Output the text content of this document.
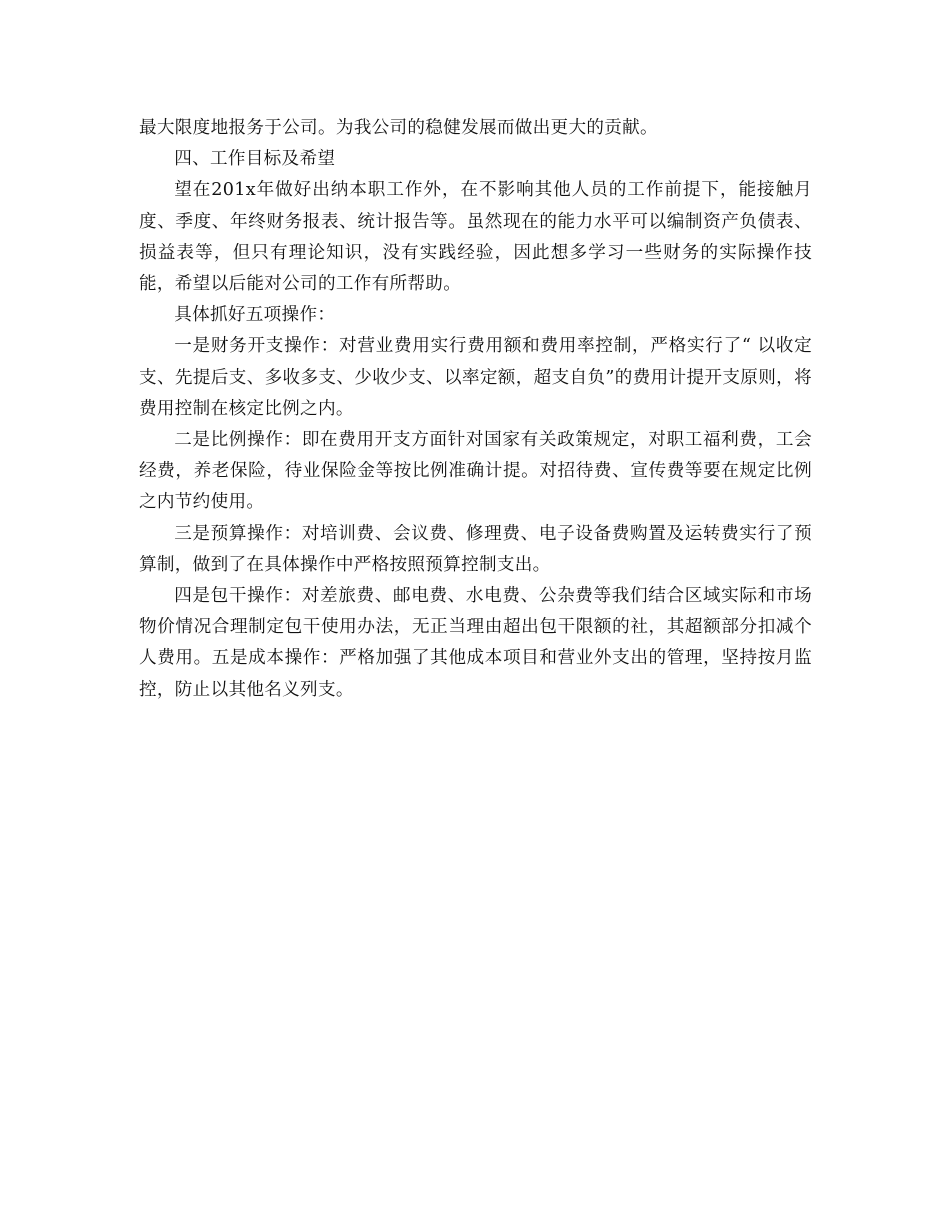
最大限度地报务于公司。为我公司的稳健发展而做出更大的贡献。

四、工作目标及希望

望在201x年做好出纳本职工作外，在不影响其他人员的工作前提下，能接触月度、季度、年终财务报表、统计报告等。虽然现在的能力水平可以编制资产负债表、损益表等，但只有理论知识，没有实践经验，因此想多学习一些财务的实际操作技能，希望以后能对公司的工作有所帮助。

具体抓好五项操作：

一是财务开支操作：对营业费用实行费用额和费用率控制，严格实行了“ 以收定支、先提后支、多收多支、少收少支、以率定额，超支自负”的费用计提开支原则，将费用控制在核定比例之内。

二是比例操作：即在费用开支方面针对国家有关政策规定，对职工福利费，工会经费，养老保险，待业保险金等按比例准确计提。对招待费、宣传费等要在规定比例之内节约使用。

三是预算操作：对培训费、会议费、修理费、电子设备费购置及运转费实行了预算制，做到了在具体操作中严格按照预算控制支出。

四是包干操作：对差旅费、邮电费、水电费、公杂费等我们结合区域实际和市场物价情况合理制定包干使用办法，无正当理由超出包干限额的社，其超额部分扣减个人费用。五是成本操作：严格加强了其他成本项目和营业外支出的管理，坚持按月监控，防止以其他名义列支。
